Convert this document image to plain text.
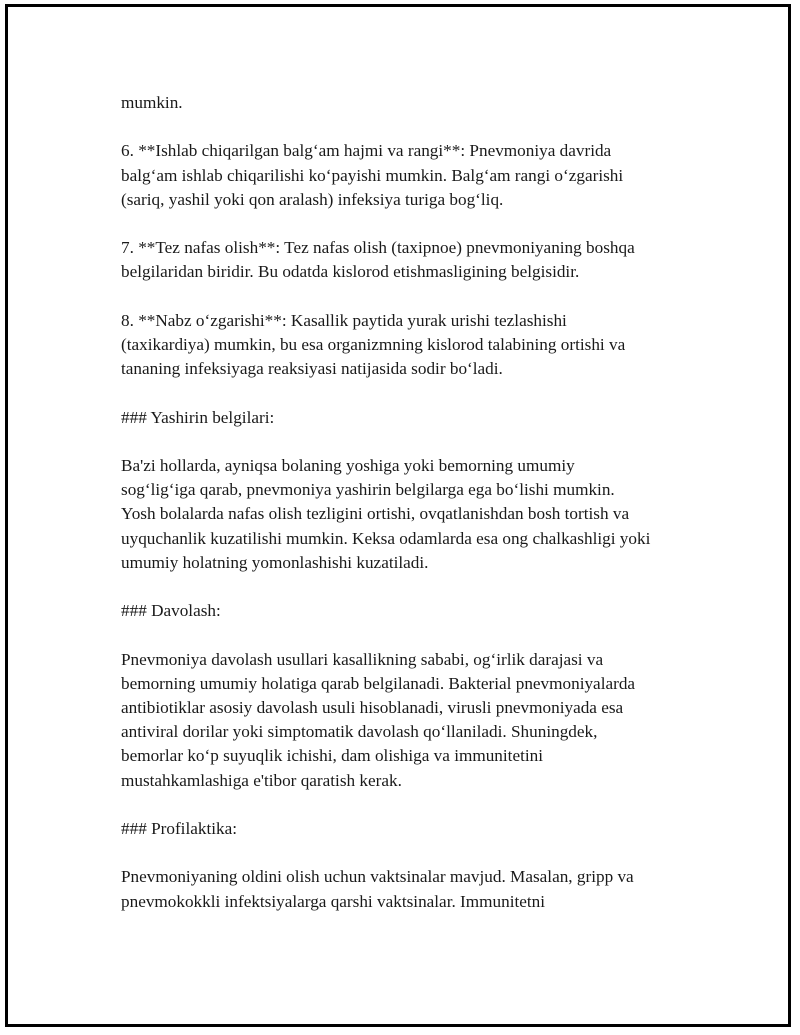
mumkin.

6. **Ishlab chiqarilgan balg‘am hajmi va rangi**: Pnevmoniya davrida
balg‘am ishlab chiqarilishi ko‘payishi mumkin. Balg‘am rangi o‘zgarishi
(sariq, yashil yoki qon aralash) infeksiya turiga bog‘liq.

7. **Tez nafas olish**: Tez nafas olish (taxipnoe) pnevmoniyaning boshqa
belgilaridan biridir. Bu odatda kislorod etishmasligining belgisidir.

8. **Nabz o‘zgarishi**: Kasallik paytida yurak urishi tezlashishi
(taxikardiya) mumkin, bu esa organizmning kislorod talabining ortishi va
tananing infeksiyaga reaksiyasi natijasida sodir bo‘ladi.

### Yashirin belgilari:

Ba'zi hollarda, ayniqsa bolaning yoshiga yoki bemorning umumiy
sog‘lig‘iga qarab, pnevmoniya yashirin belgilarga ega bo‘lishi mumkin.
Yosh bolalarda nafas olish tezligini ortishi, ovqatlanishdan bosh tortish va
uyquchanlik kuzatilishi mumkin. Keksa odamlarda esa ong chalkashligi yoki
umumiy holatning yomonlashishi kuzatiladi.

### Davolash:

Pnevmoniya davolash usullari kasallikning sababi, og‘irlik darajasi va
bemorning umumiy holatiga qarab belgilanadi. Bakterial pnevmoniyalarda
antibiotiklar asosiy davolash usuli hisoblanadi, virusli pnevmoniyada esa
antiviral dorilar yoki simptomatik davolash qo‘llaniladi. Shuningdek,
bemorlar ko‘p suyuqlik ichishi, dam olishiga va immunitetini
mustahkamlashiga e'tibor qaratish kerak.

### Profilaktika:

Pnevmoniyaning oldini olish uchun vaktsinalar mavjud. Masalan, gripp va
pnevmokokkli infektsiyalarga qarshi vaktsinalar. Immunitetni
